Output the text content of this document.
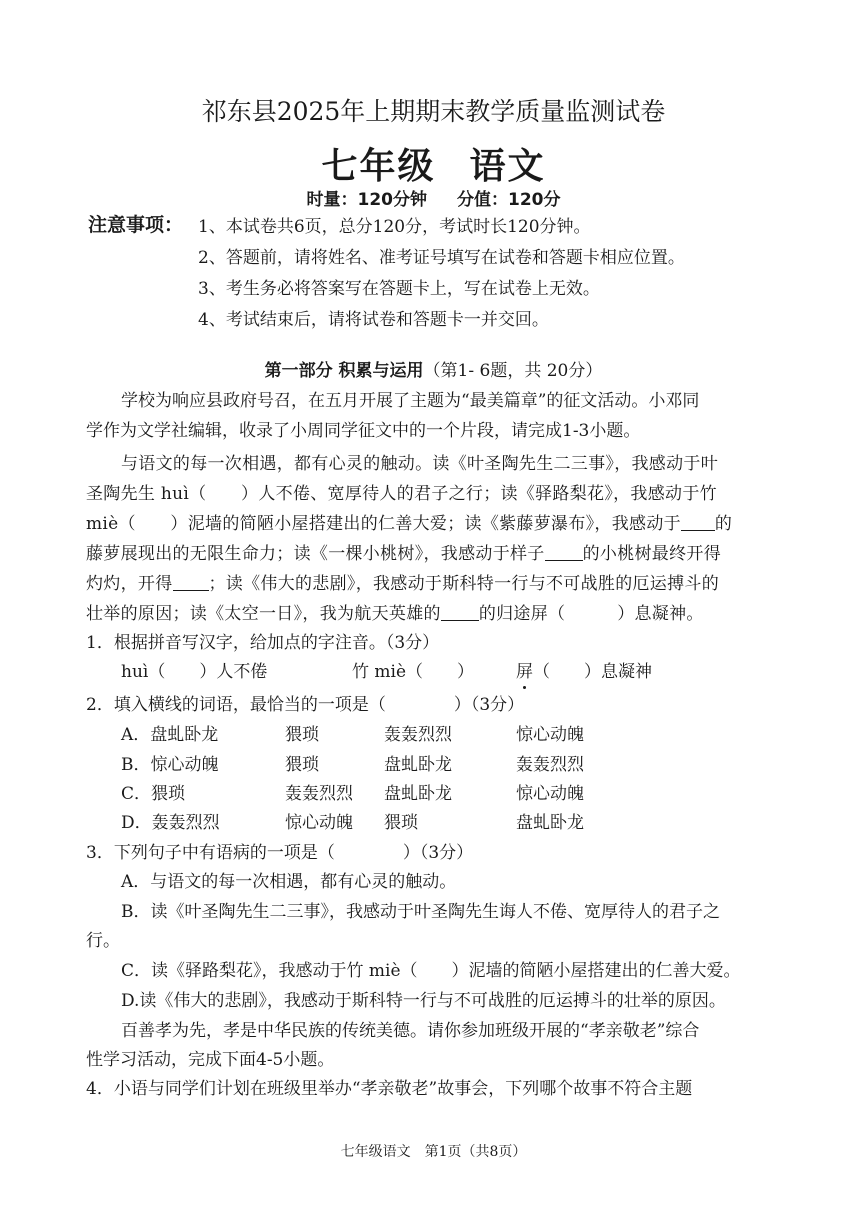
祁东县2025年上期期末教学质量监测试卷
七年级 语文
时量：120分钟 分值：120分
注意事项： 1、本试卷共6页，总分120分，考试时长120分钟。
2、答题前，请将姓名、准考证号填写在试卷和答题卡相应位置。
3、考生务必将答案写在答题卡上，写在试卷上无效。
4、考试结束后，请将试卷和答题卡一并交回。
第一部分 积累与运用（第1- 6题，共 20分）
学校为响应县政府号召，在五月开展了主题为“最美篇章”的征文活动。小邓同
学作为文学社编辑，收录了小周同学征文中的一个片段，请完成1-3小题。
与语文的每一次相遇，都有心灵的触动。读《叶圣陶先生二三事》，我感动于叶
圣陶先生 huì（　　）人不倦、宽厚待人的君子之行；读《驿路梨花》，我感动于竹
miè（　　）泥墙的简陋小屋搭建出的仁善大爱；读《紫藤萝瀑布》，我感动于 的
藤萝展现出的无限生命力；读《一棵小桃树》，我感动于样子 的小桃树最终开得
灼灼，开得 ；读《伟大的悲剧》，我感动于斯科特一行与不可战胜的厄运搏斗的
壮举的原因；读《太空一日》，我为航天英雄的 的归途屏（　　　）息凝神。
1．根据拼音写汉字，给加点的字注音。（3分）
huì（　　）人不倦	竹 miè（　　） 屏（　　）息凝神
2．填入横线的词语，最恰当的一项是（　　　　）（3分）
A．盘虬卧龙	猥琐	轰轰烈烈	惊心动魄
B．惊心动魄	猥琐	盘虬卧龙	轰轰烈烈
C．猥琐	轰轰烈烈 盘虬卧龙	惊心动魄
D．轰轰烈烈	惊心动魄 猥琐	盘虬卧龙
3．下列句子中有语病的一项是（　　　　）（3分）
A．与语文的每一次相遇，都有心灵的触动。
B．读《叶圣陶先生二三事》，我感动于叶圣陶先生诲人不倦、宽厚待人的君子之
行。
C．读《驿路梨花》，我感动于竹 miè（　　）泥墙的简陋小屋搭建出的仁善大爱。
D.读《伟大的悲剧》，我感动于斯科特一行与不可战胜的厄运搏斗的壮举的原因。
百善孝为先，孝是中华民族的传统美德。请你参加班级开展的“孝亲敬老”综合
性学习活动，完成下面4-5小题。
4．小语与同学们计划在班级里举办“孝亲敬老”故事会，下列哪个故事不符合主题
七年级语文　第1页（共8页）
